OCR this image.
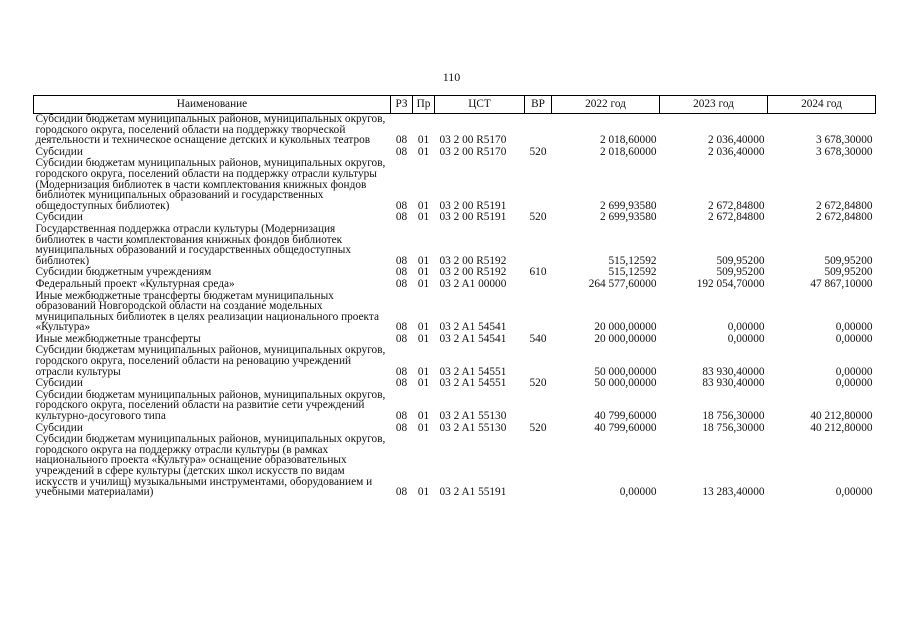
110
Наименование	РЗ	Пр	ЦСТ	ВР	2022 год	2023 год	2024 год
Субсидии бюджетам муниципальных районов, муниципальных округов, городского округа, поселений области на поддержку творческой деятельности и техническое оснащение детских и кукольных театров	08	01	03 2 00 R5170		2 018,60000	2 036,40000	3 678,30000
Субсидии	08	01	03 2 00 R5170	520	2 018,60000	2 036,40000	3 678,30000
Субсидии бюджетам муниципальных районов, муниципальных округов, городского округа, поселений области на поддержку отрасли культуры (Модернизация библиотек в части комплектования книжных фондов библиотек муниципальных образований и государственных общедоступных библиотек)	08	01	03 2 00 R5191		2 699,93580	2 672,84800	2 672,84800
Субсидии	08	01	03 2 00 R5191	520	2 699,93580	2 672,84800	2 672,84800
Государственная поддержка отрасли культуры (Модернизация библиотек в части комплектования книжных фондов библиотек муниципальных образований и государственных общедоступных библиотек)	08	01	03 2 00 R5192		515,12592	509,95200	509,95200
Субсидии бюджетным учреждениям	08	01	03 2 00 R5192	610	515,12592	509,95200	509,95200
Федеральный проект «Культурная среда»	08	01	03 2 A1 00000		264 577,60000	192 054,70000	47 867,10000
Иные межбюджетные трансферты бюджетам муниципальных образований Новгородской области на создание модельных муниципальных библиотек в целях реализации национального проекта «Культура»	08	01	03 2 A1 54541		20 000,00000	0,00000	0,00000
Иные межбюджетные трансферты	08	01	03 2 A1 54541	540	20 000,00000	0,00000	0,00000
Субсидии бюджетам муниципальных районов, муниципальных округов, городского округа, поселений области на реновацию учреждений отрасли культуры	08	01	03 2 A1 54551		50 000,00000	83 930,40000	0,00000
Субсидии	08	01	03 2 A1 54551	520	50 000,00000	83 930,40000	0,00000
Субсидии бюджетам муниципальных районов, муниципальных округов, городского округа, поселений области на развитие сети учреждений культурно-досугового типа	08	01	03 2 A1 55130		40 799,60000	18 756,30000	40 212,80000
Субсидии	08	01	03 2 A1 55130	520	40 799,60000	18 756,30000	40 212,80000
Субсидии бюджетам муниципальных районов, муниципальных округов, городского округа на поддержку отрасли культуры (в рамках национального проекта «Культура» оснащение образовательных учреждений в сфере культуры (детских школ искусств по видам искусств и училищ) музыкальными инструментами, оборудованием и учебными материалами)	08	01	03 2 A1 55191		0,00000	13 283,40000	0,00000
